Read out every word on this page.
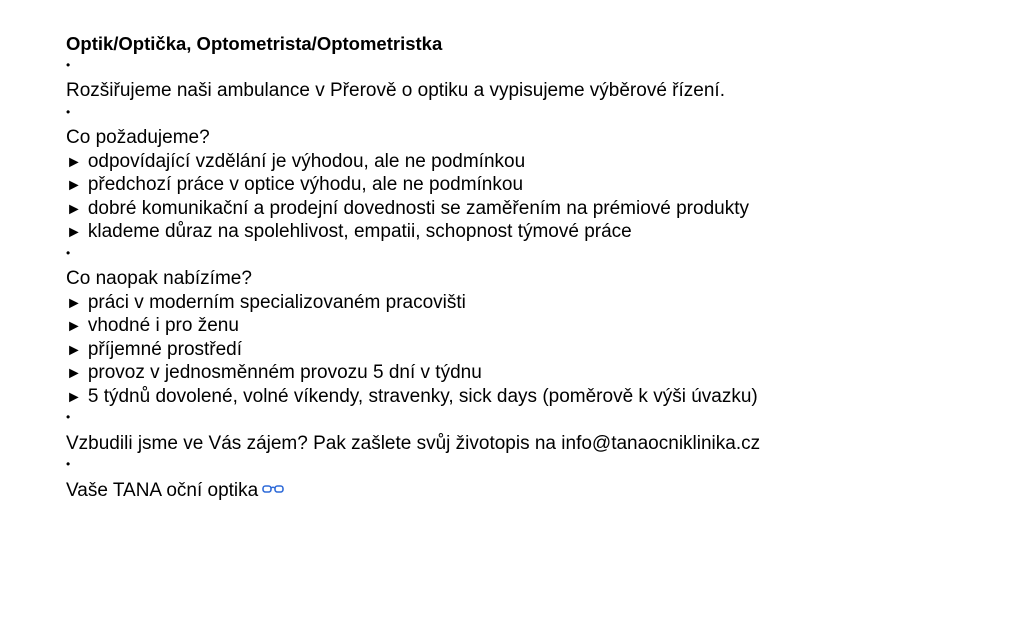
Optik/Optička, Optometrista/Optometristka
•
Rozšiřujeme naši ambulance v Přerově o optiku a vypisujeme výběrové řízení.
•
Co požadujeme?
► odpovídající vzdělání je výhodou, ale ne podmínkou
► předchozí práce v optice výhodu, ale ne podmínkou
► dobré komunikační a prodejní dovednosti se zaměřením na prémiové produkty
► klademe důraz na spolehlivost, empatii, schopnost týmové práce
•
Co naopak nabízíme?
► práci v moderním specializovaném pracovišti
► vhodné i pro ženu
► příjemné prostředí
► provoz v jednosměnném provozu 5 dní v týdnu
► 5 týdnů dovolené, volné víkendy, stravenky, sick days (poměrově k výši úvazku)
•
Vzbudili jsme ve Vás zájem? Pak zašlete svůj životopis na info@tanaocniklinika.cz
•
Vaše TANA oční optika
